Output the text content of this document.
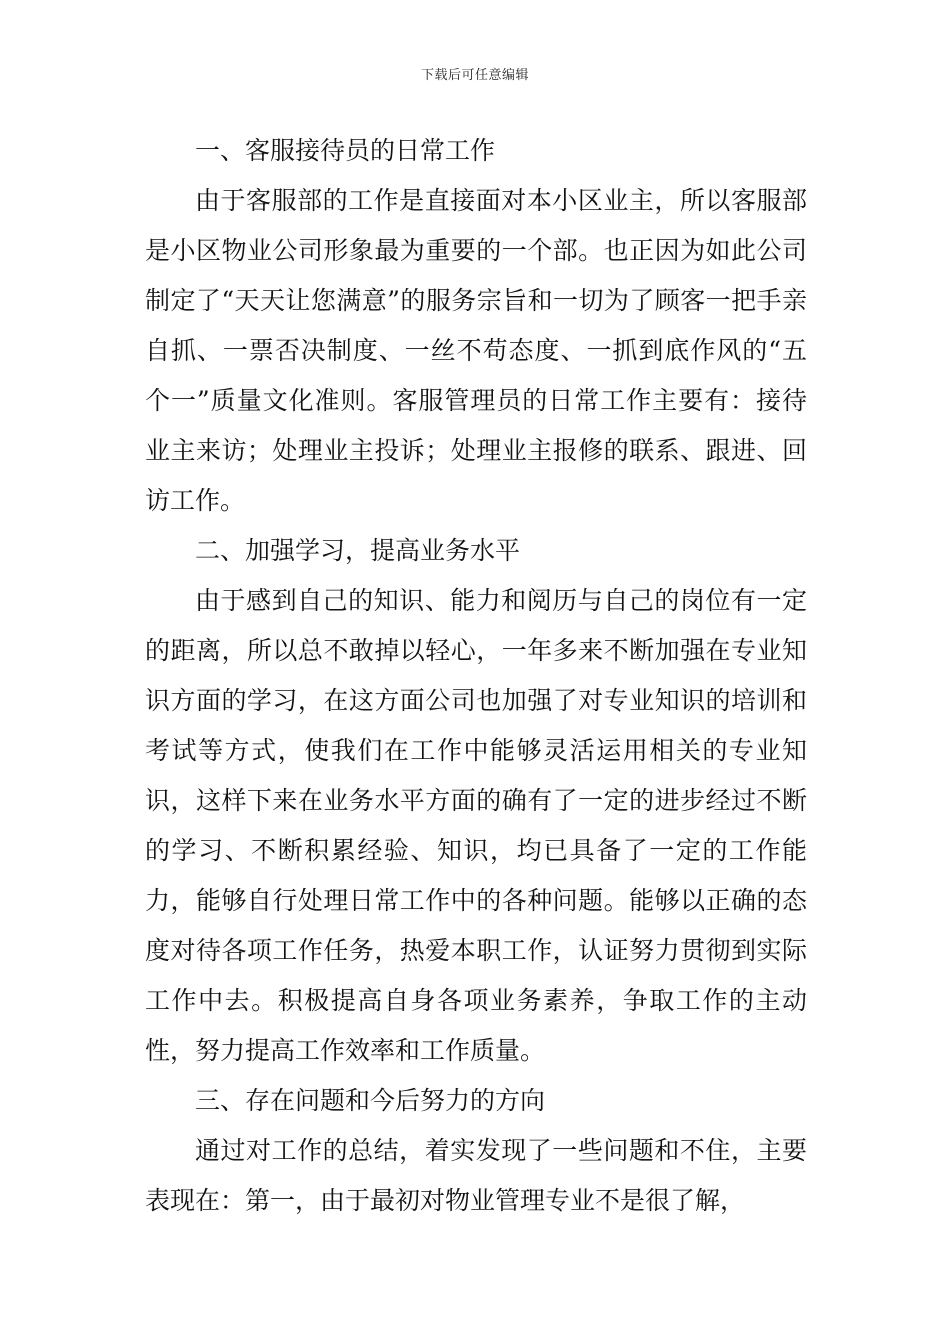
下载后可任意编辑

一、客服接待员的日常工作

由于客服部的工作是直接面对本小区业主，所以客服部是小区物业公司形象最为重要的一个部。也正因为如此公司制定了“天天让您满意”的服务宗旨和一切为了顾客一把手亲自抓、一票否决制度、一丝不苟态度、一抓到底作风的“五个一”质量文化准则。客服管理员的日常工作主要有：接待业主来访；处理业主投诉；处理业主报修的联系、跟进、回访工作。

二、加强学习，提高业务水平

由于感到自己的知识、能力和阅历与自己的岗位有一定的距离，所以总不敢掉以轻心，一年多来不断加强在专业知识方面的学习，在这方面公司也加强了对专业知识的培训和考试等方式，使我们在工作中能够灵活运用相关的专业知识，这样下来在业务水平方面的确有了一定的进步经过不断的学习、不断积累经验、知识，均已具备了一定的工作能力，能够自行处理日常工作中的各种问题。能够以正确的态度对待各项工作任务，热爱本职工作，认证努力贯彻到实际工作中去。积极提高自身各项业务素养，争取工作的主动性，努力提高工作效率和工作质量。

三、存在问题和今后努力的方向

通过对工作的总结，着实发现了一些问题和不住，主要表现在：第一，由于最初对物业管理专业不是很了解，
